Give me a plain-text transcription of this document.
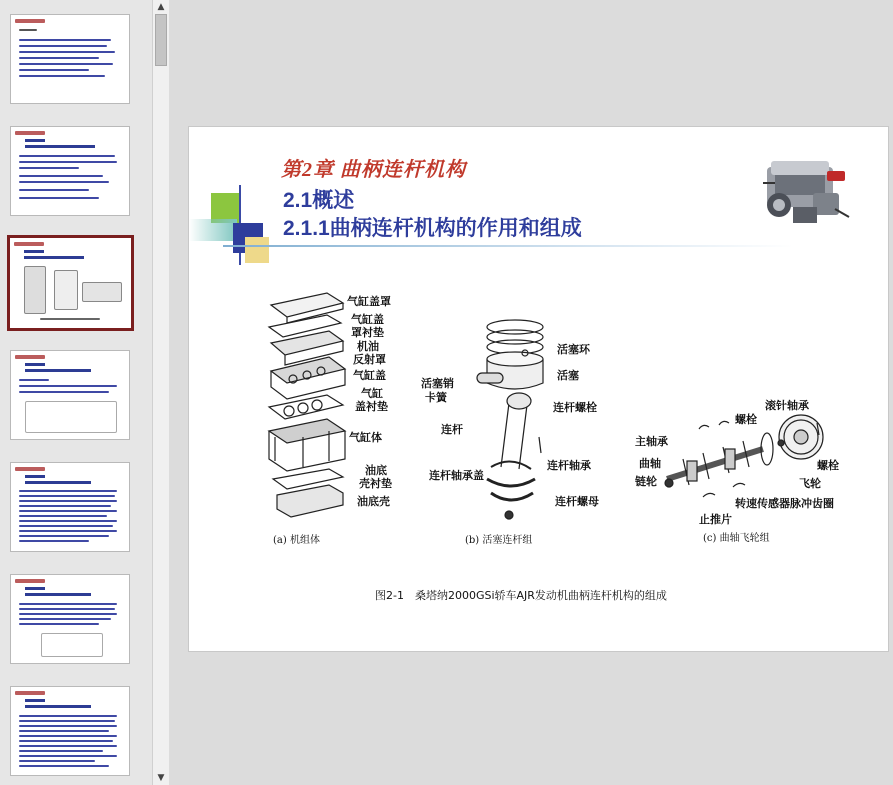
▲
▼
第2章 曲柄连杆机构
2.1概述
2.1.1曲柄连杆机构的作用和组成
气缸盖罩
气缸盖
罩衬垫
机油
反射罩
气缸盖
气缸
盖衬垫
气缸体
油底
壳衬垫
油底壳
(a) 机组体
活塞环
活塞
活塞销
卡簧
连杆螺栓
连杆
连杆轴承
连杆轴承盖
连杆螺母
(b) 活塞连杆组
滚针轴承
螺栓
主轴承
曲轴
链轮
螺栓
飞轮
转速传感器脉冲齿圈
止推片
(c) 曲轴飞轮组
图2-1　桑塔纳2000GSi轿车AJR发动机曲柄连杆机构的组成
